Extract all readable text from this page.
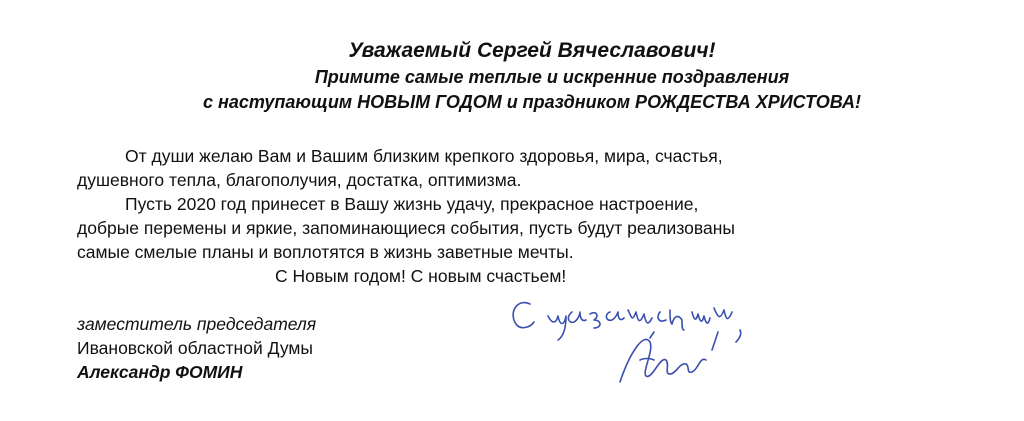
Уважаемый Сергей Вячеславович!
Примите самые теплые и искренние поздравления
с наступающим НОВЫМ ГОДОМ и праздником РОЖДЕСТВА ХРИСТОВА!
От души желаю Вам и Вашим близким крепкого здоровья, мира, счастья,
душевного тепла, благополучия, достатка, оптимизма.
Пусть 2020 год принесет в Вашу жизнь удачу, прекрасное настроение,
добрые перемены и яркие, запоминающиеся события, пусть будут реализованы
самые смелые планы и воплотятся в жизнь заветные мечты.
С Новым годом! С новым счастьем!
заместитель председателя
Ивановской областной Думы
Александр ФОМИН
